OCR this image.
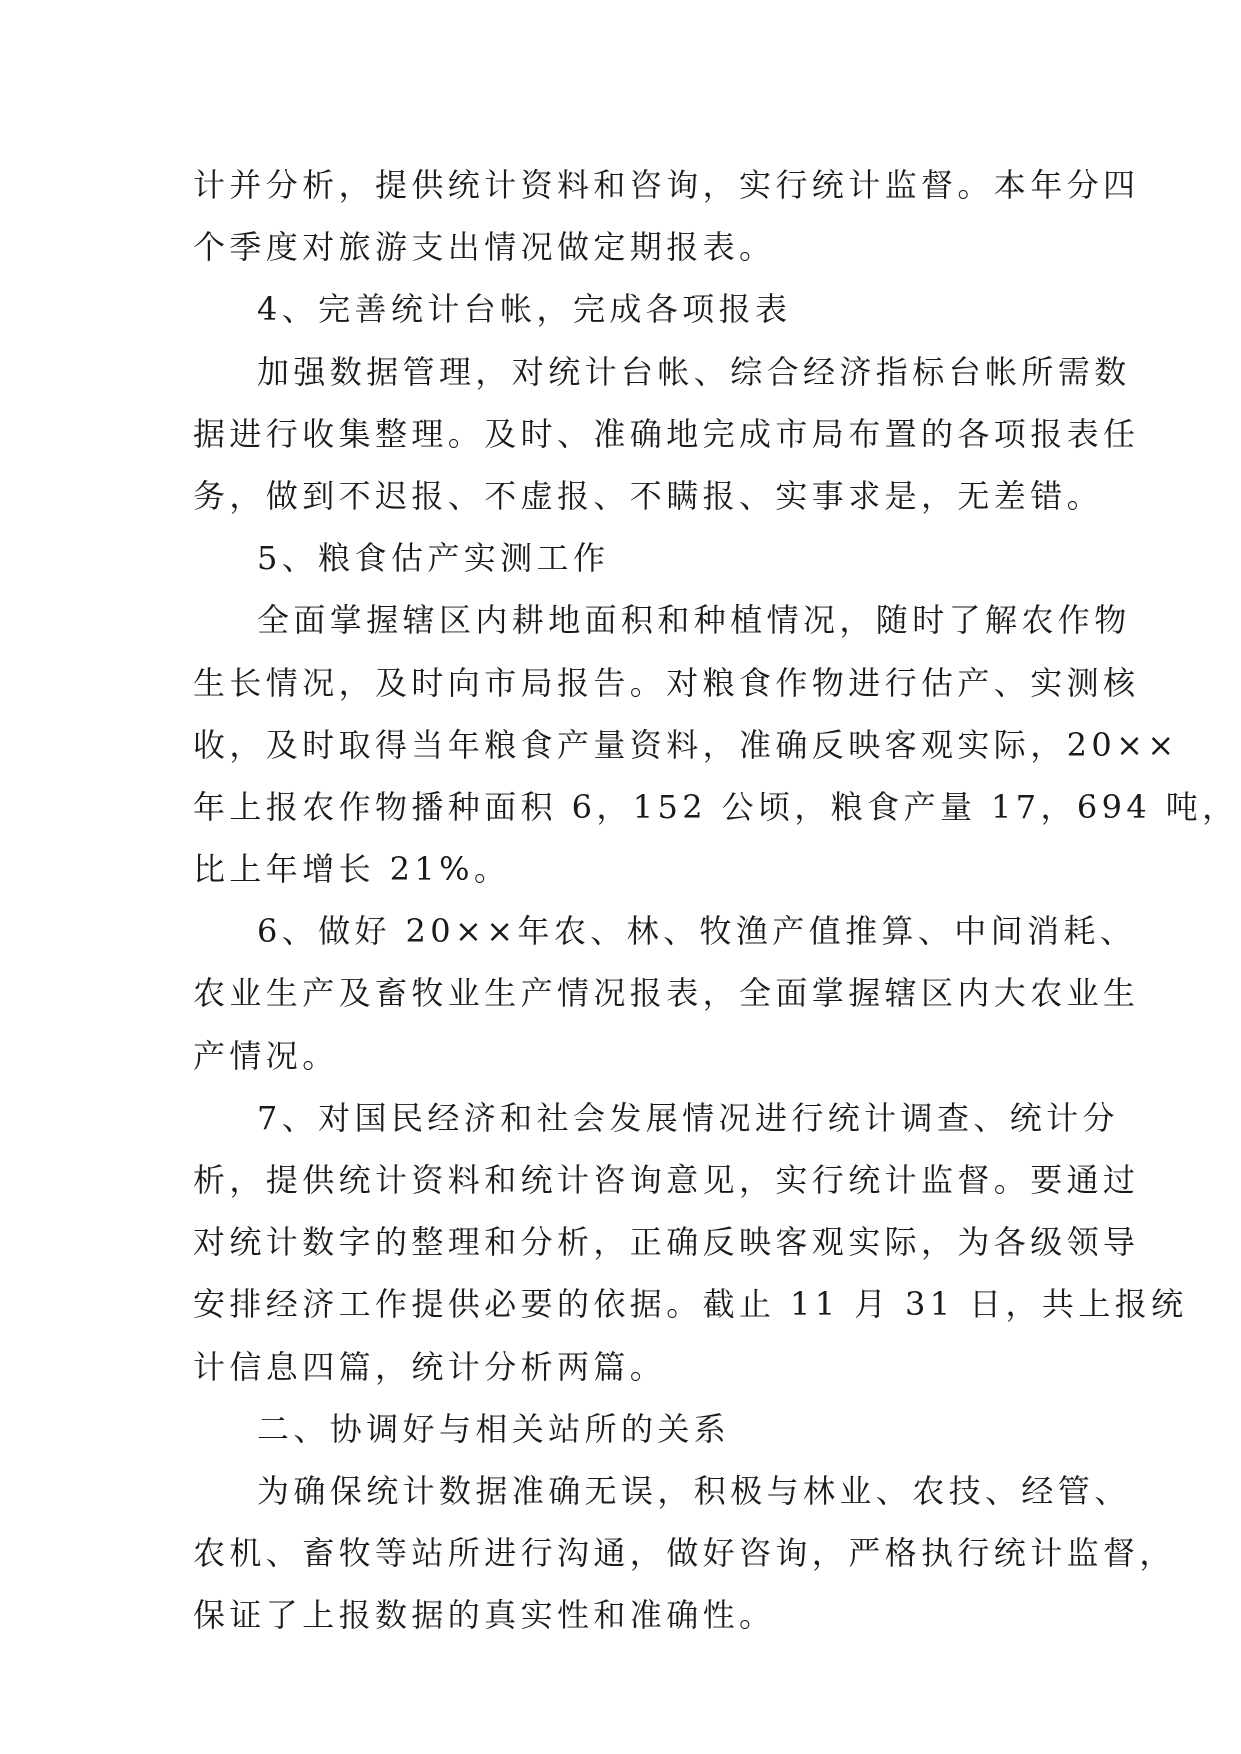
计并分析，提供统计资料和咨询，实行统计监督。本年分四
个季度对旅游支出情况做定期报表。
4、完善统计台帐，完成各项报表
加强数据管理，对统计台帐、综合经济指标台帐所需数
据进行收集整理。及时、准确地完成市局布置的各项报表任
务，做到不迟报、不虚报、不瞒报、实事求是，无差错。
5、粮食估产实测工作
全面掌握辖区内耕地面积和种植情况，随时了解农作物
生长情况，及时向市局报告。对粮食作物进行估产、实测核
收，及时取得当年粮食产量资料，准确反映客观实际，20××
年上报农作物播种面积 6，152 公顷，粮食产量 17，694 吨，
比上年增长 21%。
6、做好 20××年农、林、牧渔产值推算、中间消耗、
农业生产及畜牧业生产情况报表，全面掌握辖区内大农业生
产情况。
7、对国民经济和社会发展情况进行统计调查、统计分
析，提供统计资料和统计咨询意见，实行统计监督。要通过
对统计数字的整理和分析，正确反映客观实际，为各级领导
安排经济工作提供必要的依据。截止 11 月 31 日，共上报统
计信息四篇，统计分析两篇。
二、协调好与相关站所的关系
为确保统计数据准确无误，积极与林业、农技、经管、
农机、畜牧等站所进行沟通，做好咨询，严格执行统计监督，
保证了上报数据的真实性和准确性。
